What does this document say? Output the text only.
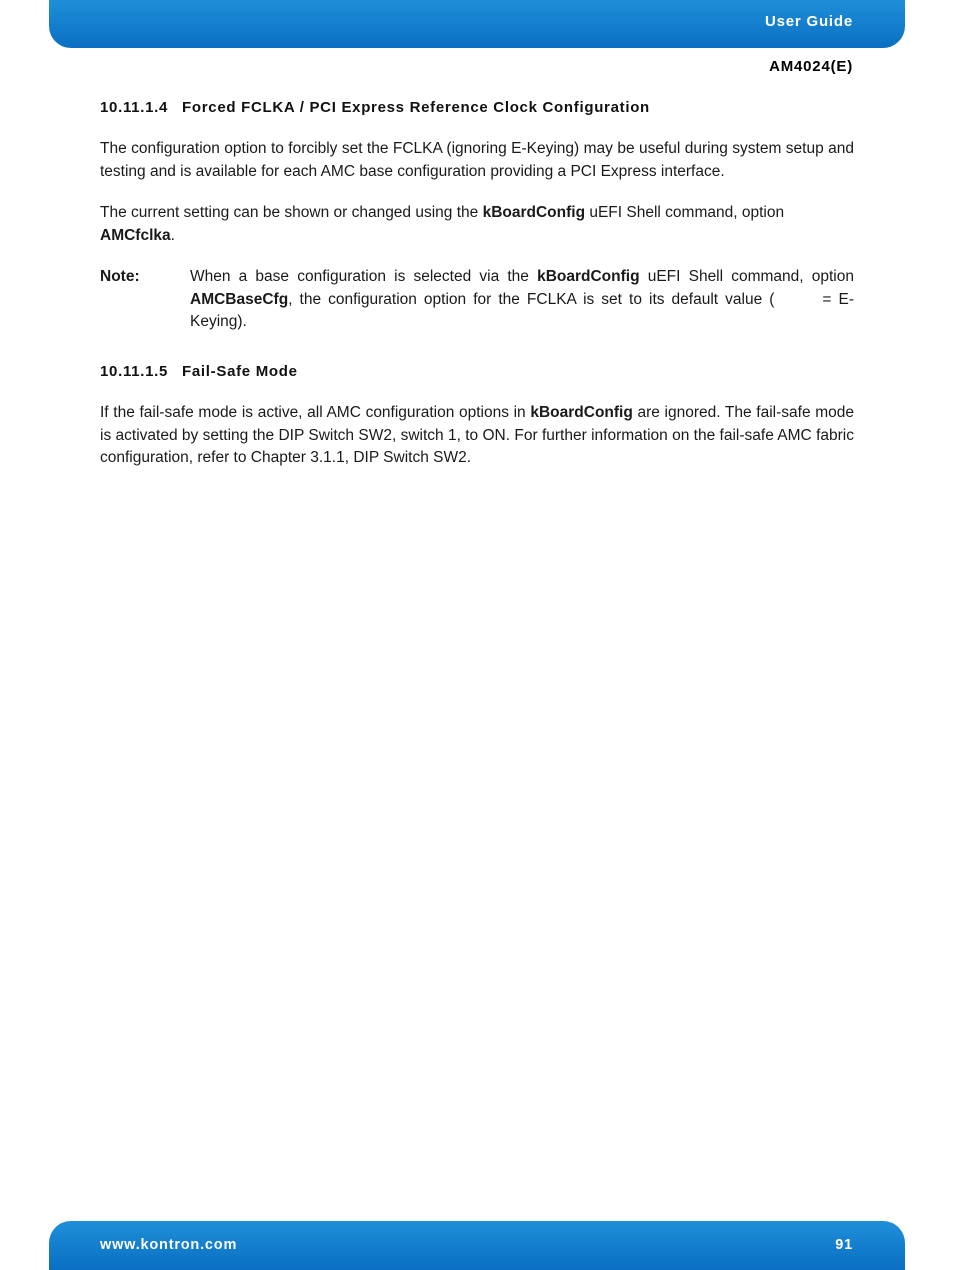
User Guide
AM4024(E)
10.11.1.4 Forced FCLKA / PCI Express Reference Clock Configuration
The configuration option to forcibly set the FCLKA (ignoring E-Keying) may be useful during system setup and testing and is available for each AMC base configuration providing a PCI Express interface.
The current setting can be shown or changed using the kBoardConfig uEFI Shell command, option
AMCfclka.
Note:	When a base configuration is selected via the kBoardConfig uEFI Shell command, option AMCBaseCfg, the configuration option for the FCLKA is set to its default value (	= E-Keying).
10.11.1.5 Fail-Safe Mode
If the fail-safe mode is active, all AMC configuration options in kBoardConfig are ignored. The fail-safe mode is activated by setting the DIP Switch SW2, switch 1, to ON. For further information on the fail-safe AMC fabric configuration, refer to Chapter 3.1.1, DIP Switch SW2.
www.kontron.com	91
